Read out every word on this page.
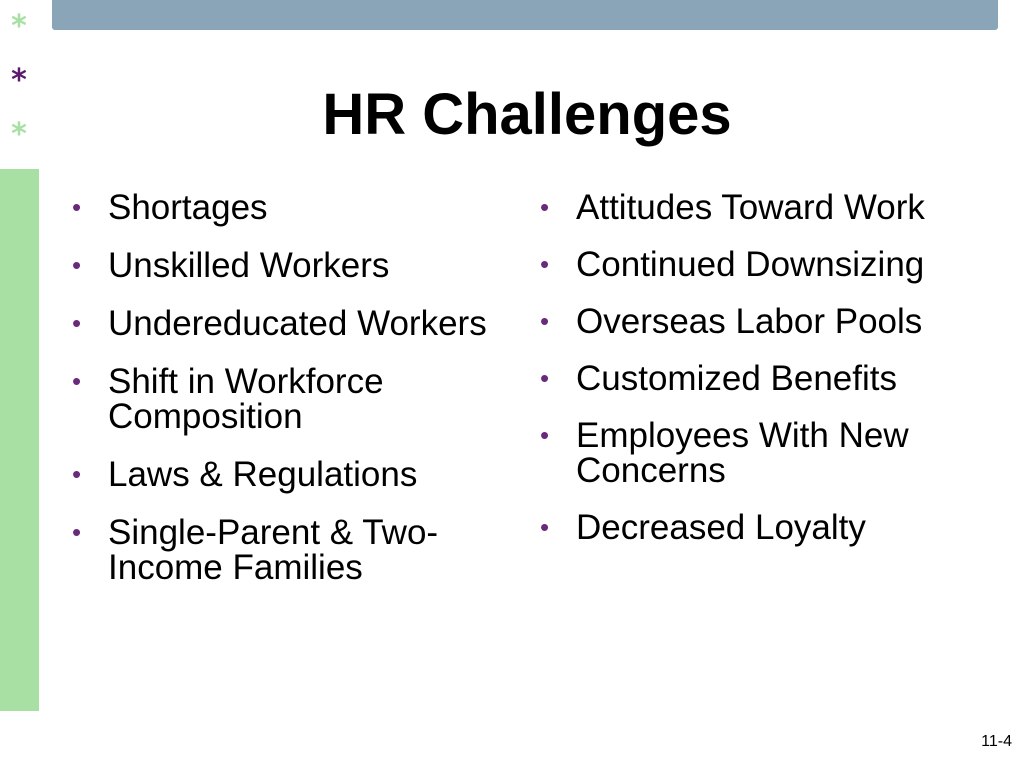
*
*
*	HR Challenges
• Shortages
• Unskilled Workers
• Undereducated Workers
• Shift in Workforce Composition
• Laws & Regulations
• Single-Parent & Two-Income Families
• Attitudes Toward Work
• Continued Downsizing
• Overseas Labor Pools
• Customized Benefits
• Employees With New Concerns
• Decreased Loyalty
11-4
